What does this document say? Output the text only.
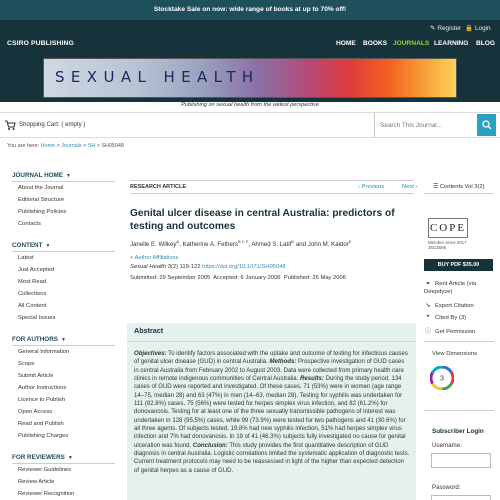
Stocktake Sale on now: wide range of books at up to 70% off!
✎ Register 🔒 Login
CSIRO PUBLISHING	HOME BOOKS JOURNALS LEARNING BLOG
SEXUAL HEALTH
Publishing on sexual health from the widest perspective
Shopping Cart: ( empty )
Search This Journal...
You are here: Home > Journals > SH > SH05048
JOURNAL HOME ▼
About the Journal
Editorial Structure
Publishing Policies
Contacts
CONTENT ▼
Latest
Just Accepted
Most Read
Collections
All Content
Special Issues
FOR AUTHORS ▼
General Information
Scope
Submit Article
Author Instructions
Licence to Publish
Open Access
Read and Publish
Publishing Charges
FOR REVIEWERS ▼
Reviewer Guidelines
Review Article
Reviewer Recognition
RESEARCH ARTICLE	‹ Previous	Next ›	☰ Contents Vol 3(2)
Genital ulcer disease in central Australia: predictors of testing and outcomes
Janelle E. Wilkey$^A$, Katherine A. Fethers$^{B C F}$, Ahmed S. Latif$^D$ and John M. Kaldor$^E$
+ Author Affiliations
Sexual Health 3(2) 119-122 https://doi.org/10.1071/SH05048
Submitted: 29 September 2005 Accepted: 6 January 2006 Published: 26 May 2006
Abstract
Objectives: To identify factors associated with the uptake and outcome of testing for infectious causes of genital ulcer disease (GUD) in central Australia. Methods: Prospective investigation of GUD cases in central Australia from February 2002 to August 2003. Data were collected from primary health care clinics in remote indigenous communities of Central Australia. Results: During the study period, 134 cases of GUD were reported and investigated. Of these cases, 71 (53%) were in women (age range 14–75, median 28) and 63 (47%) in men (14–63, median 28). Testing for syphilis was undertaken for 111 (82.8%) cases, 75 (56%) were tested for herpes simplex virus infection, and 82 (61.2%) for donovanosis. Testing for at least one of the three sexually transmissible pathogens of interest was undertaken in 128 (95.5%) cases, while 99 (73.9%) were tested for two pathogens and 41 (30.6%) for all three agents. Of subjects tested, 19.8% had new syphilis infection, 51% had herpes simplex virus infection and 7% had donovanosis. In 19 of 41 (46.3%) subjects fully investigated no cause for genital ulceration was found. Conclusion: This study provides the first quantitative description of GUD diagnosis in central Australia. Logistic correlations limited the systematic application of diagnostic tests. Current treatment protocols may need to be reassessed in light of the higher than expected detection of genital herpes as a cause of GUD.
COPE
Member since 2017
JM13596
BUY PDF $35.00
⚭ Rent Article (via Deepdyve)
➘ Export Citation
❝ Cited By (3)
ⓘ Get Permission
View Dimensions
3
Subscriber Login
Username:
Password:
